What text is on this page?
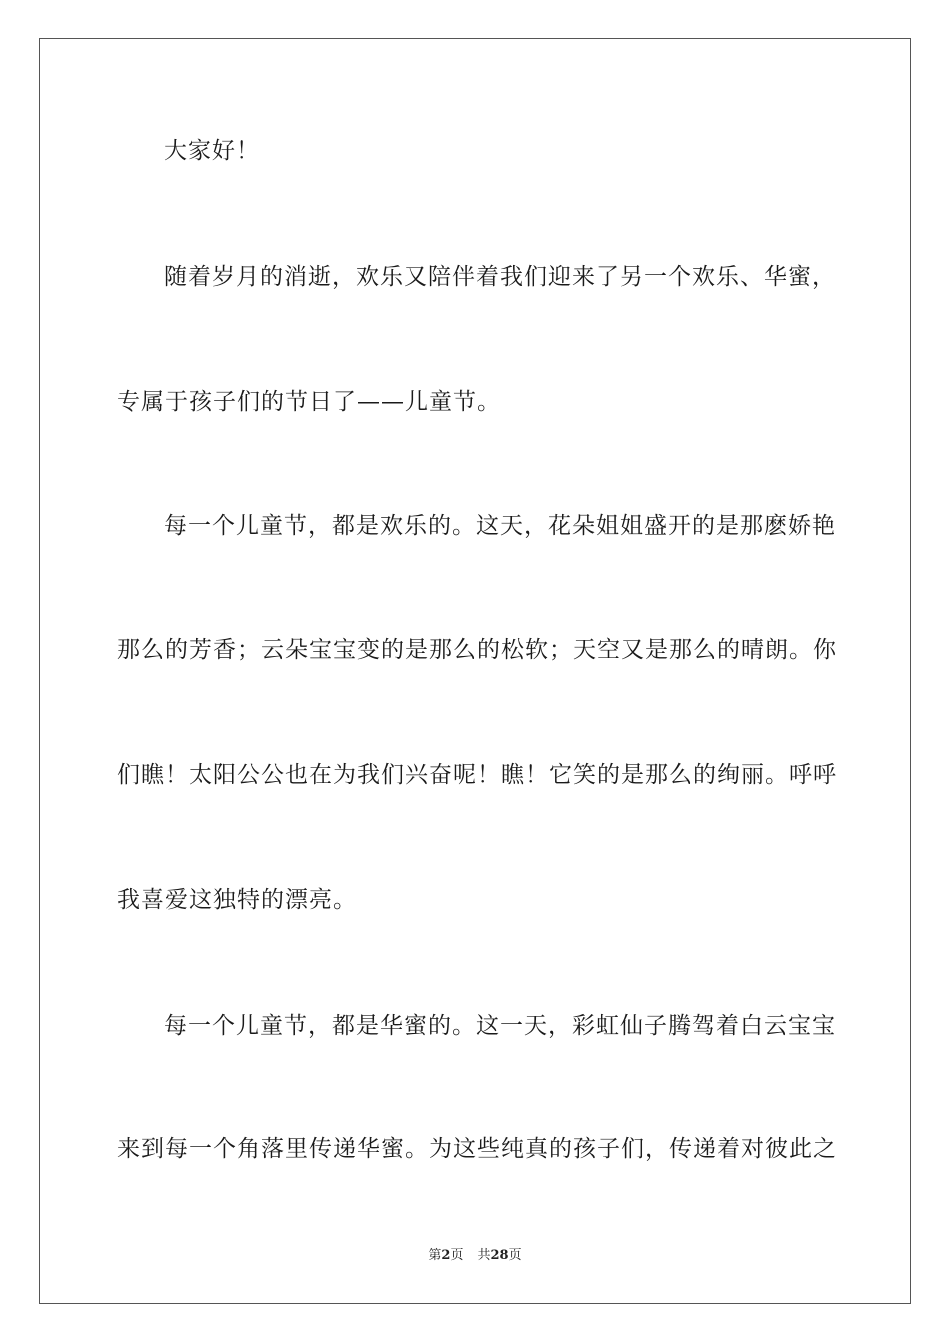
大家好！
随着岁月的消逝，欢乐又陪伴着我们迎来了另一个欢乐、华蜜，
专属于孩子们的节日了——儿童节。
每一个儿童节，都是欢乐的。这天，花朵姐姐盛开的是那麽娇艳
那么的芳香；云朵宝宝变的是那么的松软；天空又是那么的晴朗。你
们瞧！太阳公公也在为我们兴奋呢！瞧！它笑的是那么的绚丽。呼呼
我喜爱这独特的漂亮。
每一个儿童节，都是华蜜的。这一天，彩虹仙子腾驾着白云宝宝
来到每一个角落里传递华蜜。为这些纯真的孩子们，传递着对彼此之
第2页 共28页
